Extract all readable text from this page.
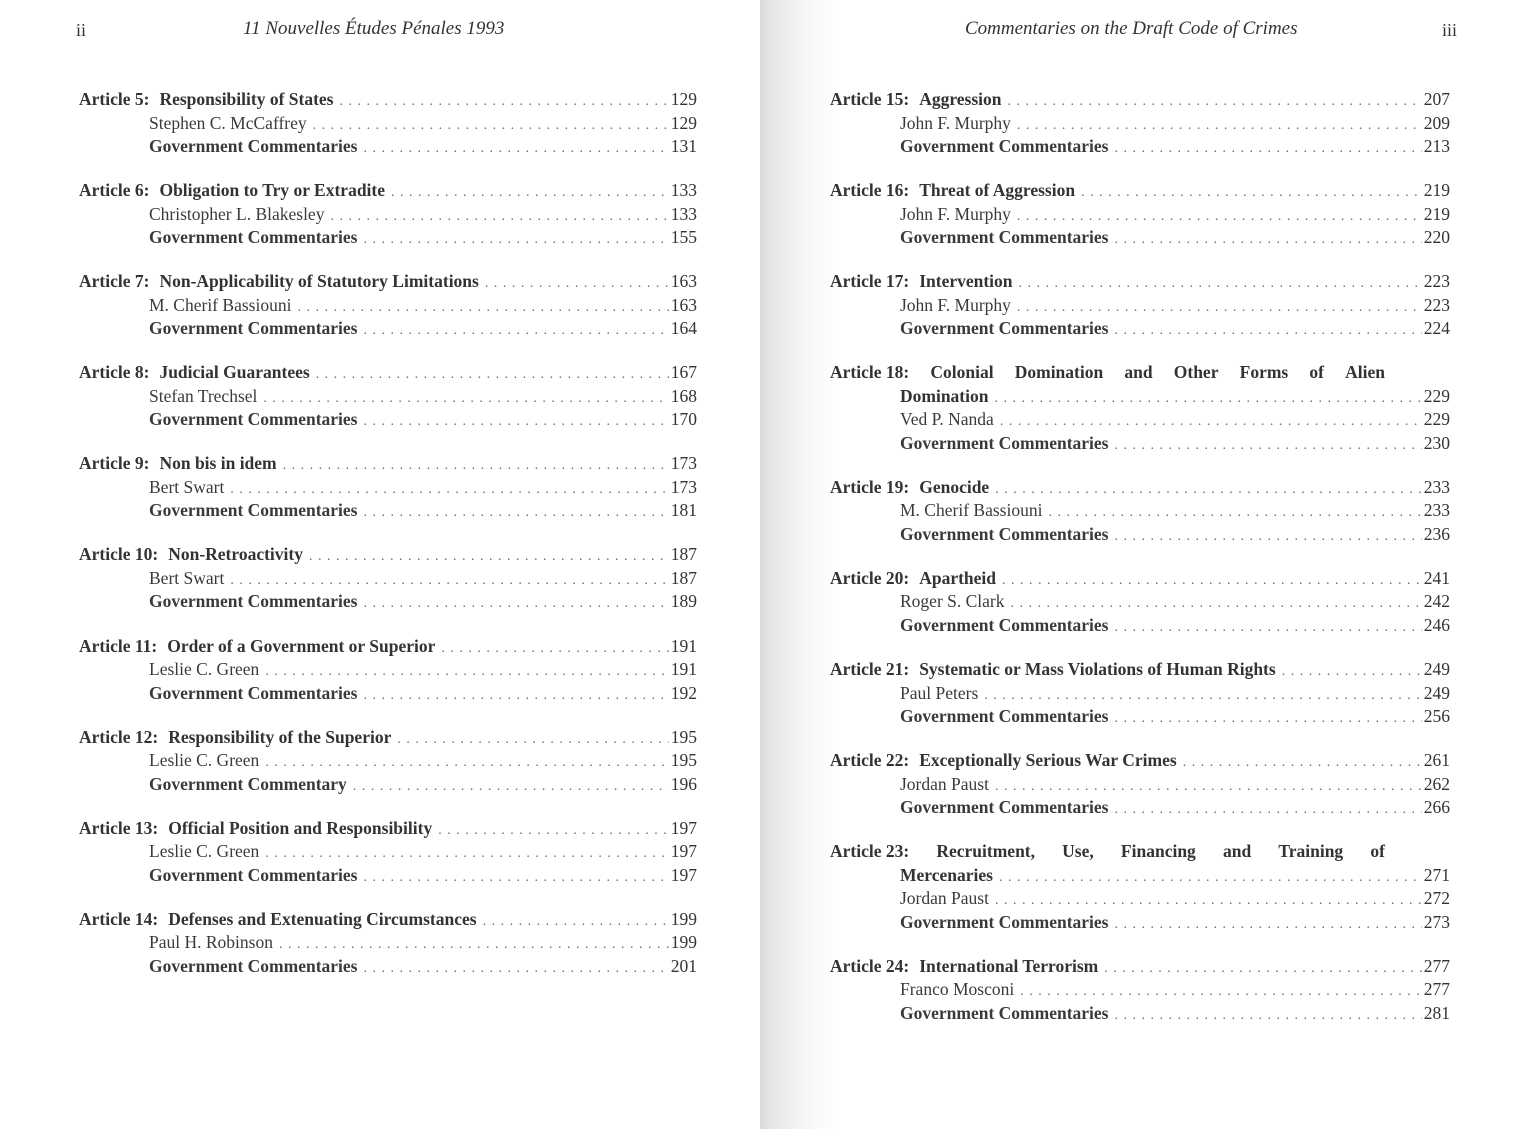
ii	11 Nouvelles Études Pénales 1993
Article 5: Responsibility of States . . .	129
Stephen C. McCaffrey . . .	129
Government Commentaries . . .	131
Article 6: Obligation to Try or Extradite . . .	133
Christopher L. Blakesley . . .	133
Government Commentaries . . .	155
Article 7: Non-Applicability of Statutory Limitations . . .	163
M. Cherif Bassiouni . . .	163
Government Commentaries . . .	164
Article 8: Judicial Guarantees . . .	167
Stefan Trechsel . . .	168
Government Commentaries . . .	170
Article 9: Non bis in idem . . .	173
Bert Swart . . .	173
Government Commentaries . . .	181
Article 10: Non-Retroactivity . . .	187
Bert Swart . . .	187
Government Commentaries . . .	189
Article 11: Order of a Government or Superior . . .	191
Leslie C. Green . . .	191
Government Commentaries . . .	192
Article 12: Responsibility of the Superior . . .	195
Leslie C. Green . . .	195
Government Commentary . . .	196
Article 13: Official Position and Responsibility . . .	197
Leslie C. Green . . .	197
Government Commentaries . . .	197
Article 14: Defenses and Extenuating Circumstances . . .	199
Paul H. Robinson . . .	199
Government Commentaries . . .	201
Commentaries on the Draft Code of Crimes	iii
Article 15: Aggression . . .	207
John F. Murphy . . .	209
Government Commentaries . . .	213
Article 16: Threat of Aggression . . .	219
John F. Murphy . . .	219
Government Commentaries . . .	220
Article 17: Intervention . . .	223
John F. Murphy . . .	223
Government Commentaries . . .	224
Article 18: Colonial Domination and Other Forms of Alien
Domination . . .	229
Ved P. Nanda . . .	229
Government Commentaries . . .	230
Article 19: Genocide . . .	233
M. Cherif Bassiouni . . .	233
Government Commentaries . . .	236
Article 20: Apartheid . . .	241
Roger S. Clark . . .	242
Government Commentaries . . .	246
Article 21: Systematic or Mass Violations of Human Rights . . .	249
Paul Peters . . .	249
Government Commentaries . . .	256
Article 22: Exceptionally Serious War Crimes . . .	261
Jordan Paust . . .	262
Government Commentaries . . .	266
Article 23: Recruitment, Use, Financing and Training of
Mercenaries . . .	271
Jordan Paust . . .	272
Government Commentaries . . .	273
Article 24: International Terrorism . . .	277
Franco Mosconi . . .	277
Government Commentaries . . .	281
